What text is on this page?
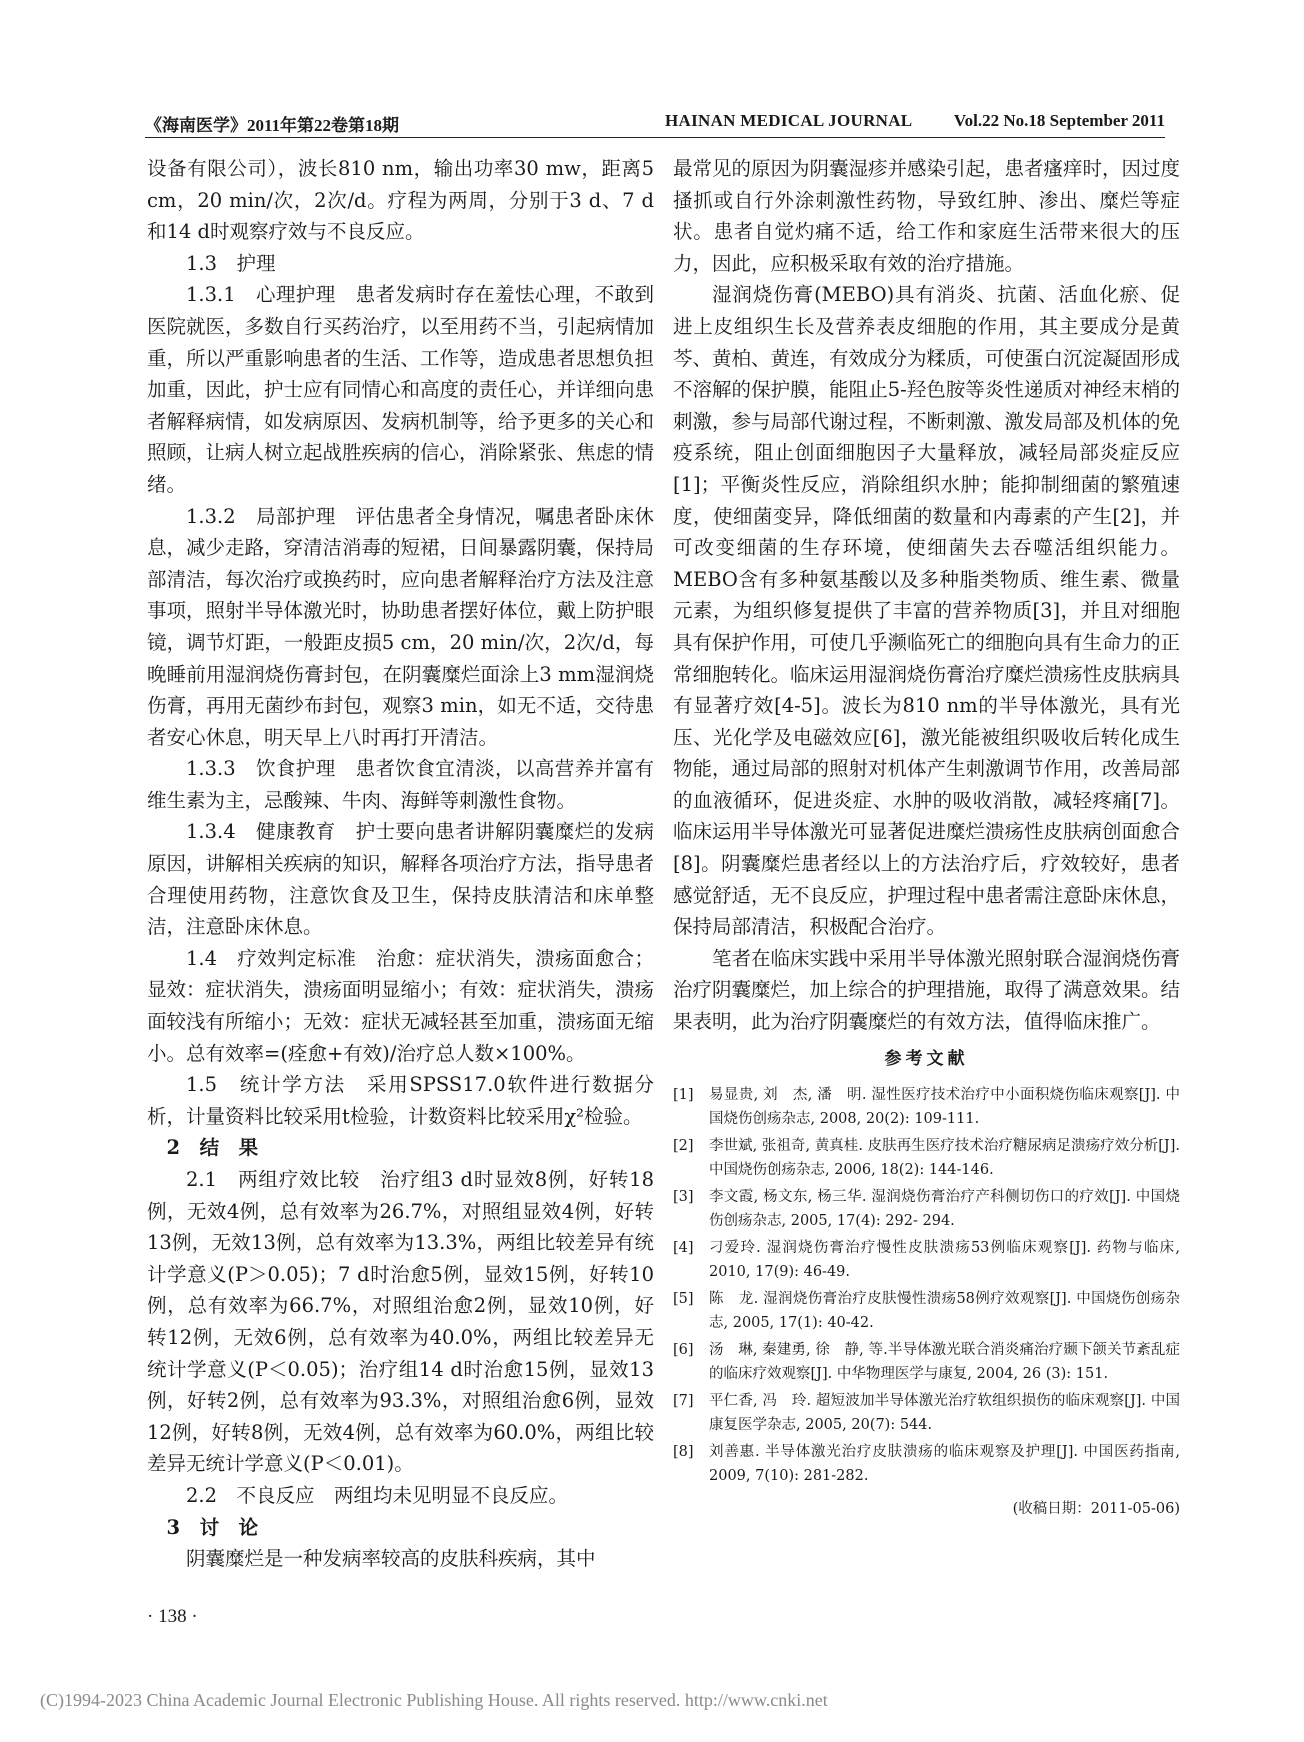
《海南医学》2011年第22卷第18期	HAINAN MEDICAL JOURNAL Vol.22 No.18 September 2011

设备有限公司），波长810 nm，输出功率30 mw，距离5 cm，20 min/次，2次/d。疗程为两周，分别于3 d、7 d和14 d时观察疗效与不良反应。

1.3　护理

1.3.1　心理护理　患者发病时存在羞怯心理，不敢到医院就医，多数自行买药治疗，以至用药不当，引起病情加重，所以严重影响患者的生活、工作等，造成患者思想负担加重，因此，护士应有同情心和高度的责任心，并详细向患者解释病情，如发病原因、发病机制等，给予更多的关心和照顾，让病人树立起战胜疾病的信心，消除紧张、焦虑的情绪。

1.3.2　局部护理　评估患者全身情况，嘱患者卧床休息，减少走路，穿清洁消毒的短裙，日间暴露阴囊，保持局部清洁，每次治疗或换药时，应向患者解释治疗方法及注意事项，照射半导体激光时，协助患者摆好体位，戴上防护眼镜，调节灯距，一般距皮损5 cm，20 min/次，2次/d，每晚睡前用湿润烧伤膏封包，在阴囊糜烂面涂上3 mm湿润烧伤膏，再用无菌纱布封包，观察3 min，如无不适，交待患者安心休息，明天早上八时再打开清洁。

1.3.3　饮食护理　患者饮食宜清淡，以高营养并富有维生素为主，忌酸辣、牛肉、海鲜等刺激性食物。

1.3.4　健康教育　护士要向患者讲解阴囊糜烂的发病原因，讲解相关疾病的知识，解释各项治疗方法，指导患者合理使用药物，注意饮食及卫生，保持皮肤清洁和床单整洁，注意卧床休息。

1.4　疗效判定标准　治愈：症状消失，溃疡面愈合；显效：症状消失，溃疡面明显缩小；有效：症状消失，溃疡面较浅有所缩小；无效：症状无减轻甚至加重，溃疡面无缩小。总有效率=(痊愈+有效)/治疗总人数×100%。

1.5　统计学方法　采用SPSS17.0软件进行数据分析，计量资料比较采用t检验，计数资料比较采用χ²检验。

2　结　果

2.1　两组疗效比较　治疗组3 d时显效8例，好转18例，无效4例，总有效率为26.7%，对照组显效4例，好转13例，无效13例，总有效率为13.3%，两组比较差异有统计学意义(P＞0.05)；7 d时治愈5例，显效15例，好转10例，总有效率为66.7%，对照组治愈2例，显效10例，好转12例，无效6例，总有效率为40.0%，两组比较差异无统计学意义(P＜0.05)；治疗组14 d时治愈15例，显效13例，好转2例，总有效率为93.3%，对照组治愈6例，显效12例，好转8例，无效4例，总有效率为60.0%，两组比较差异无统计学意义(P＜0.01)。

2.2　不良反应　两组均未见明显不良反应。

3　讨　论

阴囊糜烂是一种发病率较高的皮肤科疾病，其中

最常见的原因为阴囊湿疹并感染引起，患者瘙痒时，因过度搔抓或自行外涂刺激性药物，导致红肿、渗出、糜烂等症状。患者自觉灼痛不适，给工作和家庭生活带来很大的压力，因此，应积极采取有效的治疗措施。

湿润烧伤膏(MEBO)具有消炎、抗菌、活血化瘀、促进上皮组织生长及营养表皮细胞的作用，其主要成分是黄芩、黄柏、黄连，有效成分为糅质，可使蛋白沉淀凝固形成不溶解的保护膜，能阻止5-羟色胺等炎性递质对神经末梢的刺激，参与局部代谢过程，不断刺激、激发局部及机体的免疫系统，阻止创面细胞因子大量释放，减轻局部炎症反应[1]；平衡炎性反应，消除组织水肿；能抑制细菌的繁殖速度，使细菌变异，降低细菌的数量和内毒素的产生[2]，并可改变细菌的生存环境，使细菌失去吞噬活组织能力。MEBO含有多种氨基酸以及多种脂类物质、维生素、微量元素，为组织修复提供了丰富的营养物质[3]，并且对细胞具有保护作用，可使几乎濒临死亡的细胞向具有生命力的正常细胞转化。临床运用湿润烧伤膏治疗糜烂溃疡性皮肤病具有显著疗效[4-5]。波长为810 nm的半导体激光，具有光压、光化学及电磁效应[6]，激光能被组织吸收后转化成生物能，通过局部的照射对机体产生刺激调节作用，改善局部的血液循环，促进炎症、水肿的吸收消散，减轻疼痛[7]。临床运用半导体激光可显著促进糜烂溃疡性皮肤病创面愈合[8]。阴囊糜烂患者经以上的方法治疗后，疗效较好，患者感觉舒适，无不良反应，护理过程中患者需注意卧床休息，保持局部清洁，积极配合治疗。

笔者在临床实践中采用半导体激光照射联合湿润烧伤膏治疗阴囊糜烂，加上综合的护理措施，取得了满意效果。结果表明，此为治疗阴囊糜烂的有效方法，值得临床推广。

参考文献
[1]	易显贵, 刘　杰, 潘　明. 湿性医疗技术治疗中小面积烧伤临床观察[J]. 中国烧伤创疡杂志, 2008, 20(2): 109-111.
[2]	李世斌, 张祖奇, 黄真桂. 皮肤再生医疗技术治疗糖尿病足溃疡疗效分析[J]. 中国烧伤创疡杂志, 2006, 18(2): 144-146.
[3]	李文霞, 杨文东, 杨三华. 湿润烧伤膏治疗产科侧切伤口的疗效[J]. 中国烧伤创疡杂志, 2005, 17(4): 292- 294.
[4]	刁爱玲. 湿润烧伤膏治疗慢性皮肤溃疡53例临床观察[J]. 药物与临床, 2010, 17(9): 46-49.
[5]	陈　龙. 湿润烧伤膏治疗皮肤慢性溃疡58例疗效观察[J]. 中国烧伤创疡杂志, 2005, 17(1): 40-42.
[6]	汤　琳, 秦建勇, 徐　静, 等.半导体激光联合消炎痛治疗颞下颌关节紊乱症的临床疗效观察[J]. 中华物理医学与康复, 2004, 26 (3): 151.
[7]	平仁香, 冯　玲. 超短波加半导体激光治疗软组织损伤的临床观察[J]. 中国康复医学杂志, 2005, 20(7): 544.
[8]	刘善惠. 半导体激光治疗皮肤溃疡的临床观察及护理[J]. 中国医药指南, 2009, 7(10): 281-282.
(收稿日期：2011-05-06)
· 138 ·
(C)1994-2023 China Academic Journal Electronic Publishing House. All rights reserved. http://www.cnki.net
